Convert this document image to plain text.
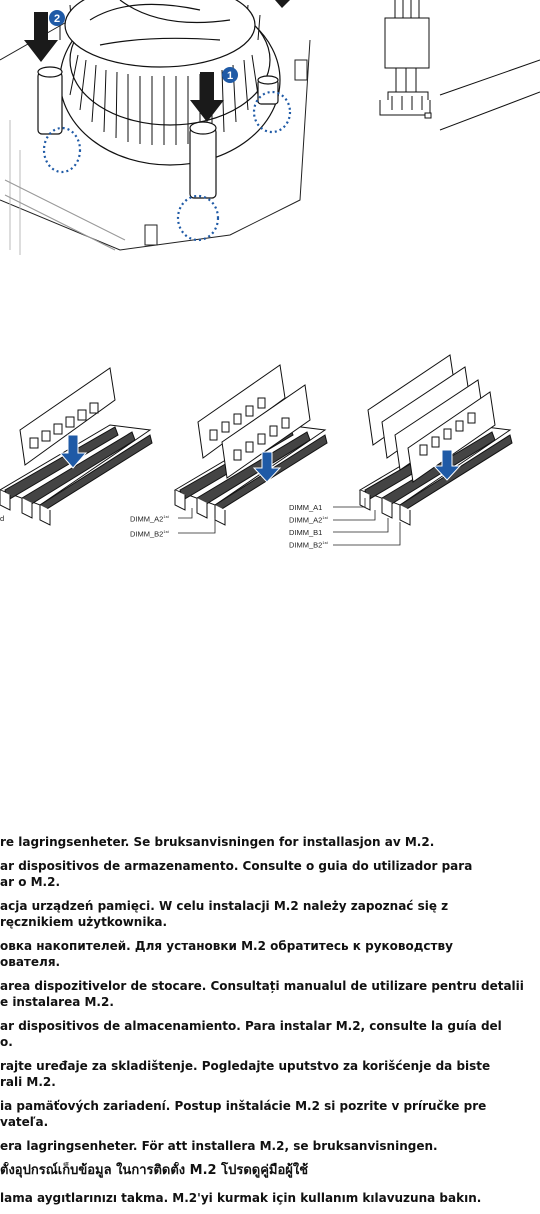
2
1
d	$DIMM\_A2^{1st}$
$DIMM\_B2^{1st}$
DIMM_A1
$DIMM\_A2^{1st}$
DIMM_B1
$DIMM\_B2^{1st}$
re lagringsenheter. Se bruksanvisningen for installasjon av M.2.
ar dispositivos de armazenamento. Consulte o guia do utilizador para
ar o M.2.
acja urządzeń pamięci. W celu instalacji M.2 należy zapoznać się z
ręcznikiem użytkownika.
овка накопителей. Для установки M.2 обратитесь к руководству
ователя.
area dispozitivelor de stocare. Consultați manualul de utilizare pentru detalii
e instalarea M.2.
ar dispositivos de almacenamiento. Para instalar M.2, consulte la guía del
o.
rajte uređaje za skladištenje. Pogledajte uputstvo za korišćenje da biste
rali M.2.
ia pamäťových zariadení. Postup inštalácie M.2 si pozrite v príručke pre
vateľa.
era lagringsenheter. För att installera M.2, se bruksanvisningen.
ตั้งอุปกรณ์เก็บข้อมูล ในการติดตั้ง M.2 โปรดดูคู่มือผู้ใช้
lama aygıtlarınızı takma. M.2'yi kurmak için kullanım kılavuzuna bakın.
